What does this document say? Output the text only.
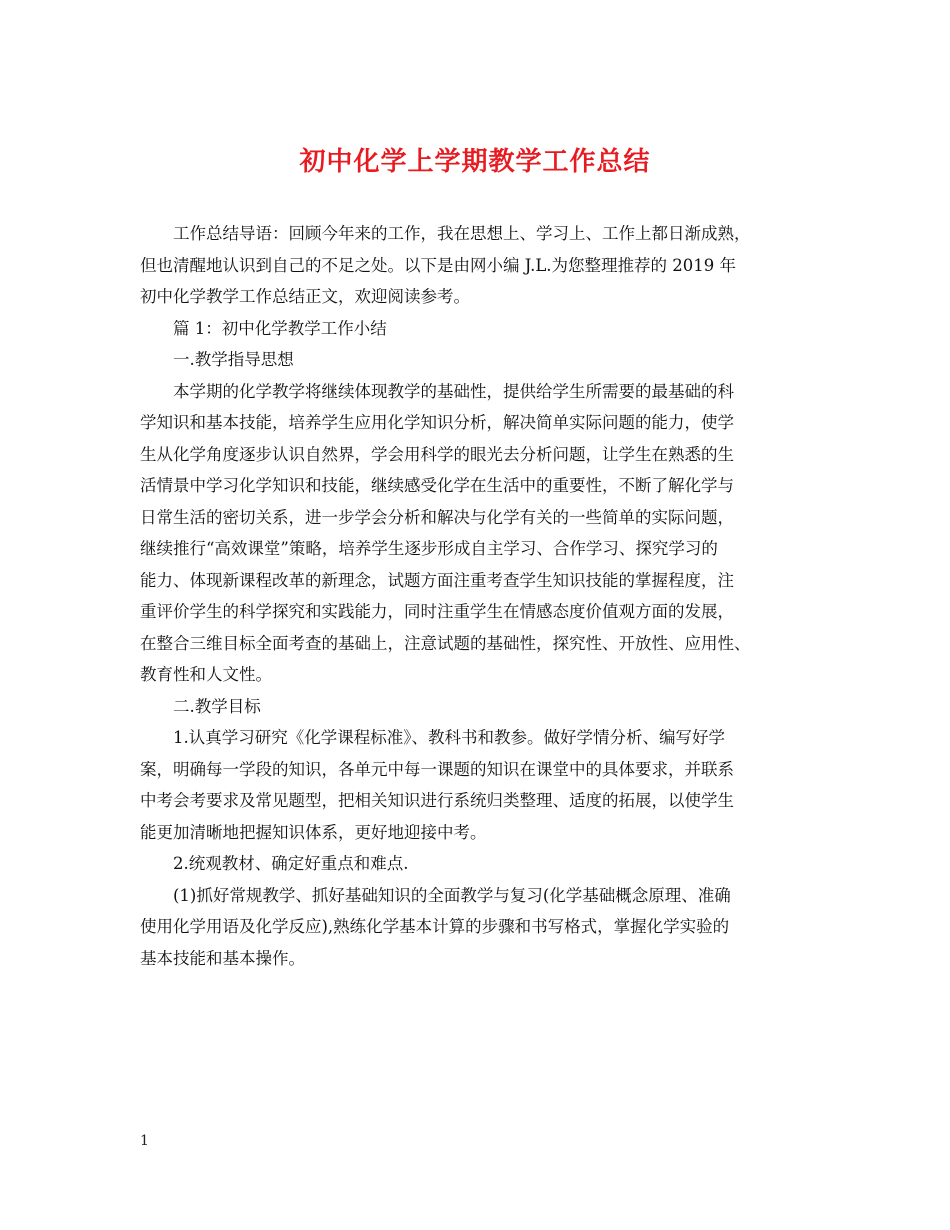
初中化学上学期教学工作总结
工作总结导语：回顾今年来的工作，我在思想上、学习上、工作上都日渐成熟，
但也清醒地认识到自己的不足之处。以下是由网小编 J.L.为您整理推荐的 2019 年
初中化学教学工作总结正文，欢迎阅读参考。
篇 1：初中化学教学工作小结
一.教学指导思想
本学期的化学教学将继续体现教学的基础性，提供给学生所需要的最基础的科
学知识和基本技能，培养学生应用化学知识分析，解决简单实际问题的能力，使学
生从化学角度逐步认识自然界，学会用科学的眼光去分析问题，让学生在熟悉的生
活情景中学习化学知识和技能，继续感受化学在生活中的重要性，不断了解化学与
日常生活的密切关系，进一步学会分析和解决与化学有关的一些简单的实际问题，
继续推行“高效课堂”策略，培养学生逐步形成自主学习、合作学习、探究学习的
能力、体现新课程改革的新理念，试题方面注重考查学生知识技能的掌握程度，注
重评价学生的科学探究和实践能力，同时注重学生在情感态度价值观方面的发展，
在整合三维目标全面考查的基础上，注意试题的基础性，探究性、开放性、应用性、
教育性和人文性。
二.教学目标
1.认真学习研究《化学课程标准》、教科书和教参。做好学情分析、编写好学
案，明确每一学段的知识，各单元中每一课题的知识在课堂中的具体要求，并联系
中考会考要求及常见题型，把相关知识进行系统归类整理、适度的拓展，以使学生
能更加清晰地把握知识体系，更好地迎接中考。
2.统观教材、确定好重点和难点.
(1)抓好常规教学、抓好基础知识的全面教学与复习(化学基础概念原理、准确
使用化学用语及化学反应),熟练化学基本计算的步骤和书写格式，掌握化学实验的
基本技能和基本操作。
1
